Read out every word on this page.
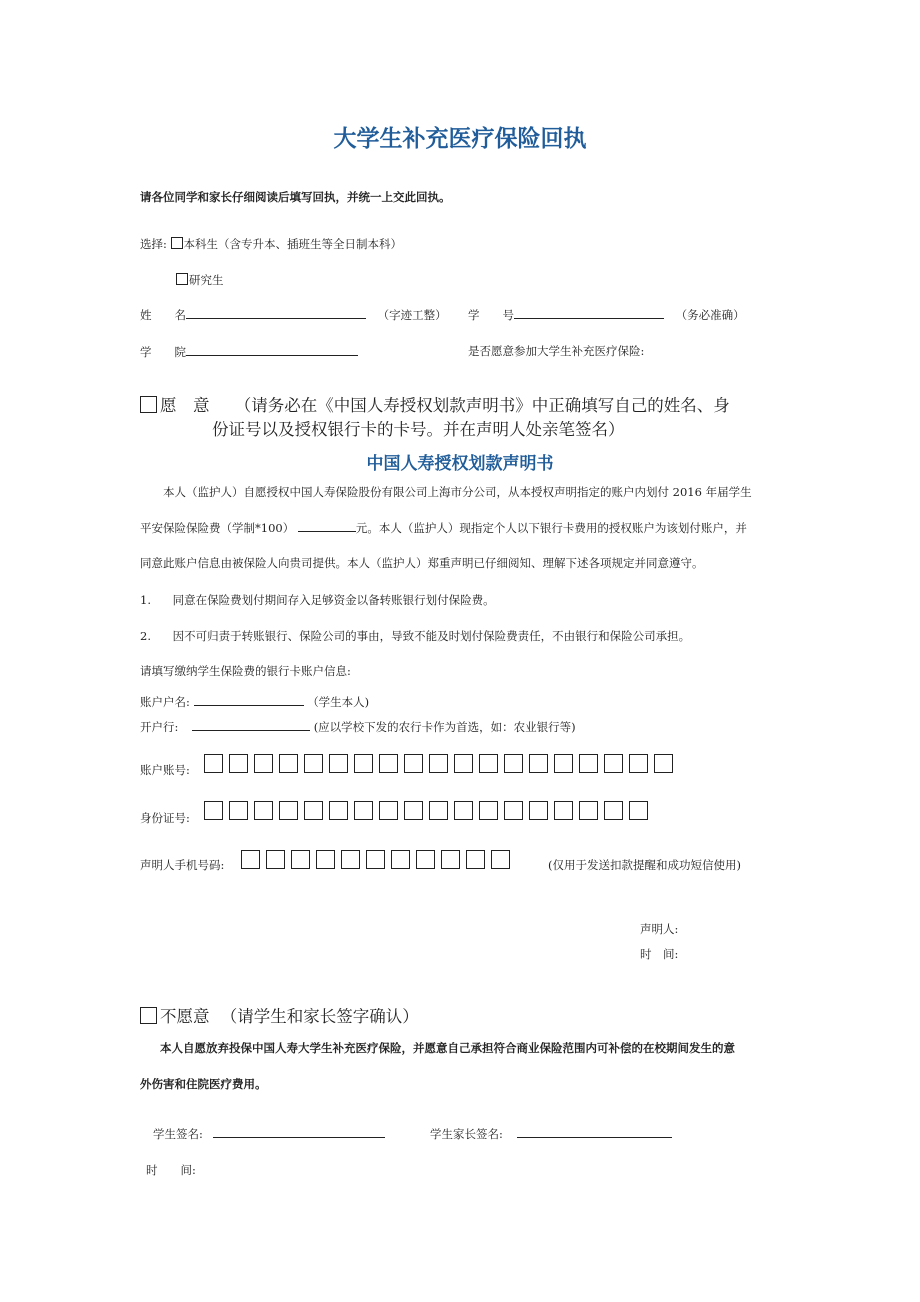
大学生补充医疗保险回执
请各位同学和家长仔细阅读后填写回执，并统一上交此回执。
选择: 本科生（含专升本、插班生等全日制本科）
研究生
姓　　名	（字迹工整） 学　　号	（务必准确）
学　　院	是否愿意参加大学生补充医疗保险:
愿　意 （请务必在《中国人寿授权划款声明书》中正确填写自己的姓名、身
份证号以及授权银行卡的卡号。并在声明人处亲笔签名）
中国人寿授权划款声明书
本人（监护人）自愿授权中国人寿保险股份有限公司上海市分公司，从本授权声明指定的账户内划付 2016 年届学生
平安保险保险费（学制*100）	元。本人（监护人）现指定个人以下银行卡费用的授权账户为该划付账户，并
同意此账户信息由被保险人向贵司提供。本人（监护人）郑重声明已仔细阅知、理解下述各项规定并同意遵守。
1. 同意在保险费划付期间存入足够资金以备转账银行划付保险费。
2. 因不可归责于转账银行、保险公司的事由，导致不能及时划付保险费责任，不由银行和保险公司承担。
请填写缴纳学生保险费的银行卡账户信息:
账户户名:	（学生本人)
开户行:	(应以学校下发的农行卡作为首选，如：农业银行等)
账户账号:
身份证号:
声明人手机号码:	(仅用于发送扣款提醒和成功短信使用)
声明人:
时　间:
不愿意 （请学生和家长签字确认）
本人自愿放弃投保中国人寿大学生补充医疗保险，并愿意自己承担符合商业保险范围内可补偿的在校期间发生的意
外伤害和住院医疗费用。
学生签名:	学生家长签名:
时　　间:
